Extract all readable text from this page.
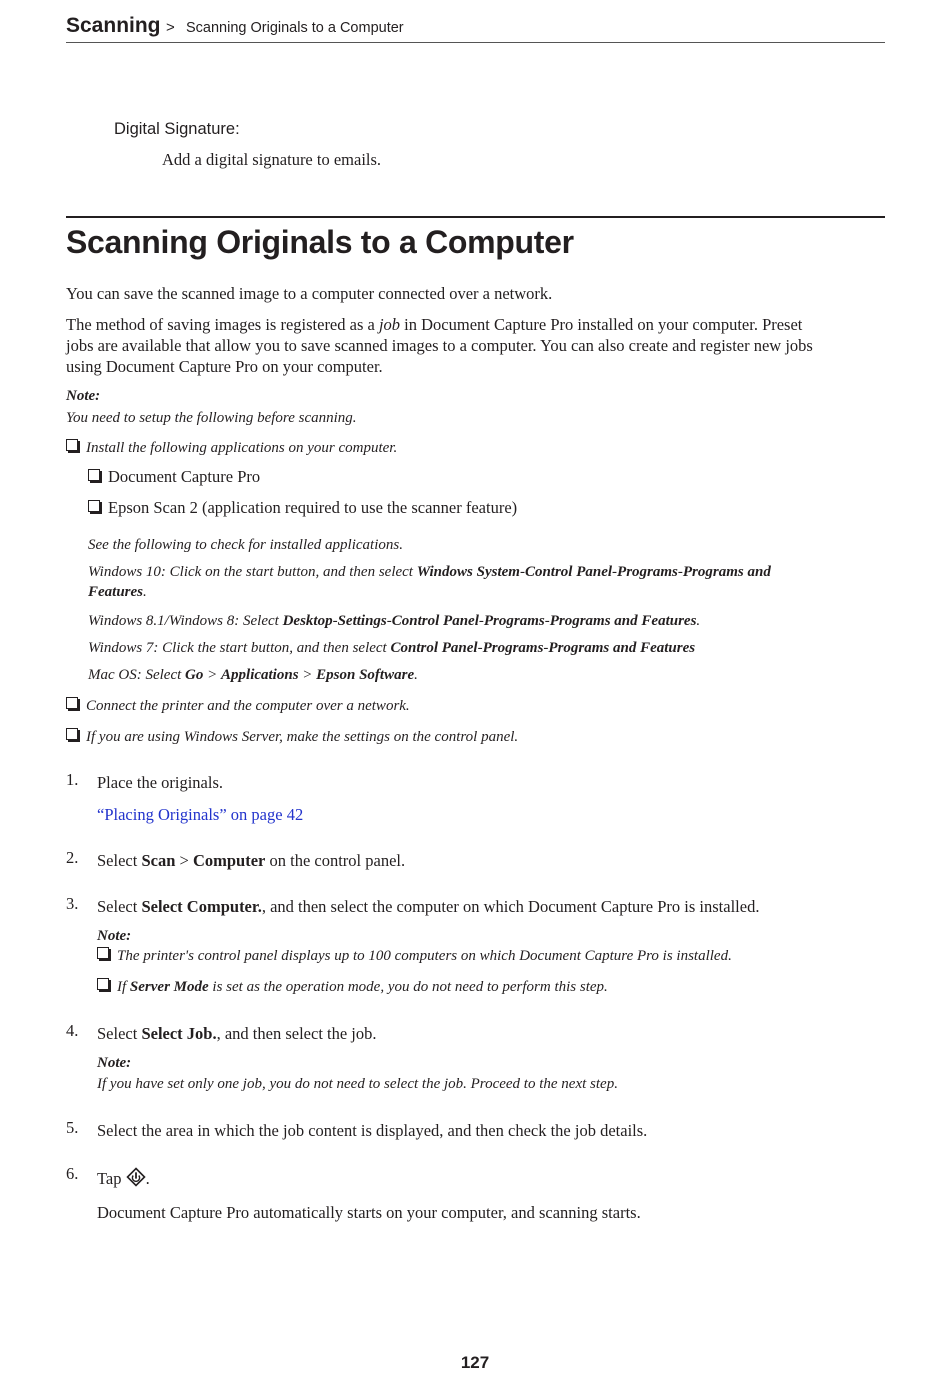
Scanning > Scanning Originals to a Computer
Digital Signature:
Add a digital signature to emails.
Scanning Originals to a Computer
You can save the scanned image to a computer connected over a network.
The method of saving images is registered as a job in Document Capture Pro installed on your computer. Preset
jobs are available that allow you to save scanned images to a computer. You can also create and register new jobs
using Document Capture Pro on your computer.
Note:
You need to setup the following before scanning.
Install the following applications on your computer.
Document Capture Pro
Epson Scan 2 (application required to use the scanner feature)
See the following to check for installed applications.
Windows 10: Click on the start button, and then select Windows System-Control Panel-Programs-Programs and
Features.
Windows 8.1/Windows 8: Select Desktop-Settings-Control Panel-Programs-Programs and Features.
Windows 7: Click the start button, and then select Control Panel-Programs-Programs and Features
Mac OS: Select Go > Applications > Epson Software.
Connect the printer and the computer over a network.
If you are using Windows Server, make the settings on the control panel.
1. Place the originals.
“Placing Originals” on page 42
2. Select Scan > Computer on the control panel.
3. Select Select Computer., and then select the computer on which Document Capture Pro is installed.
Note:
The printer's control panel displays up to 100 computers on which Document Capture Pro is installed.
If Server Mode is set as the operation mode, you do not need to perform this step.
4. Select Select Job., and then select the job.
Note:
If you have set only one job, you do not need to select the job. Proceed to the next step.
5. Select the area in which the job content is displayed, and then check the job details.
6. Tap .
Document Capture Pro automatically starts on your computer, and scanning starts.
127
